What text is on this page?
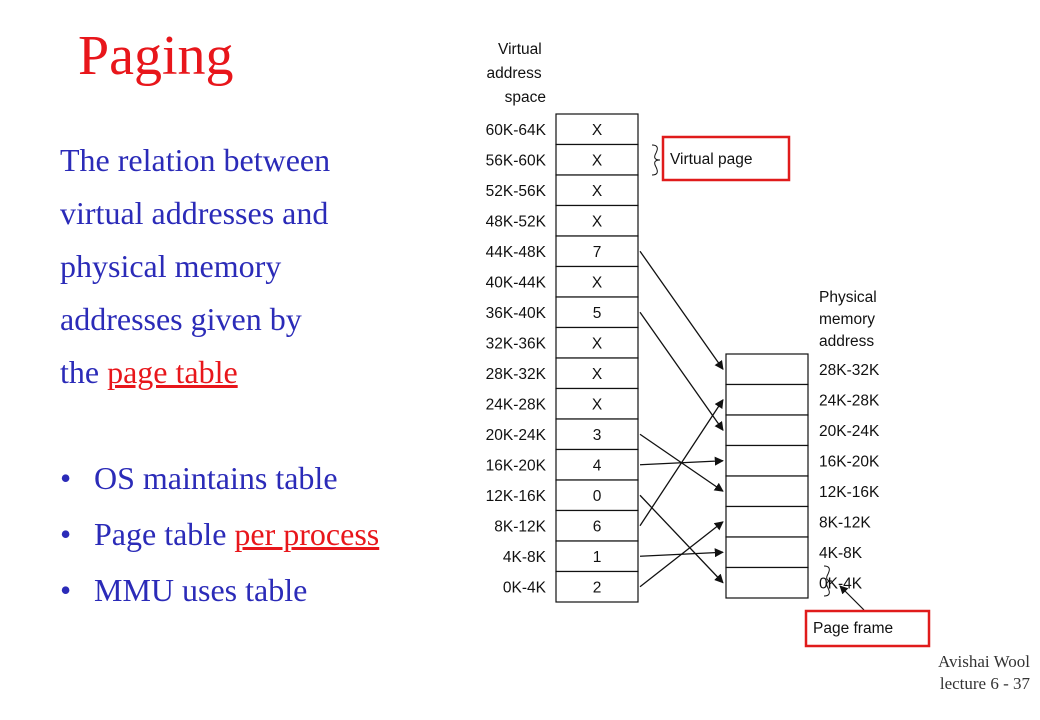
Paging
The relation between
virtual addresses and
physical memory
addresses given by
the page table
• OS maintains table
• Page table per process
• MMU uses table
Avishai Wool
lecture 6 - 37
Virtual address space
60K-64K	X
56K-60K	X
52K-56K	X
48K-52K	X
44K-48K	7
40K-44K	X
36K-40K	5
32K-36K	X
28K-32K	X
24K-28K	X
20K-24K	3
16K-20K	4
12K-16K	0
8K-12K	6
4K-8K	1
0K-4K	2
Physical memory address
28K-32K
24K-28K
20K-24K
16K-20K
12K-16K
8K-12K
4K-8K
0K-4K
Virtual page
Page frame
